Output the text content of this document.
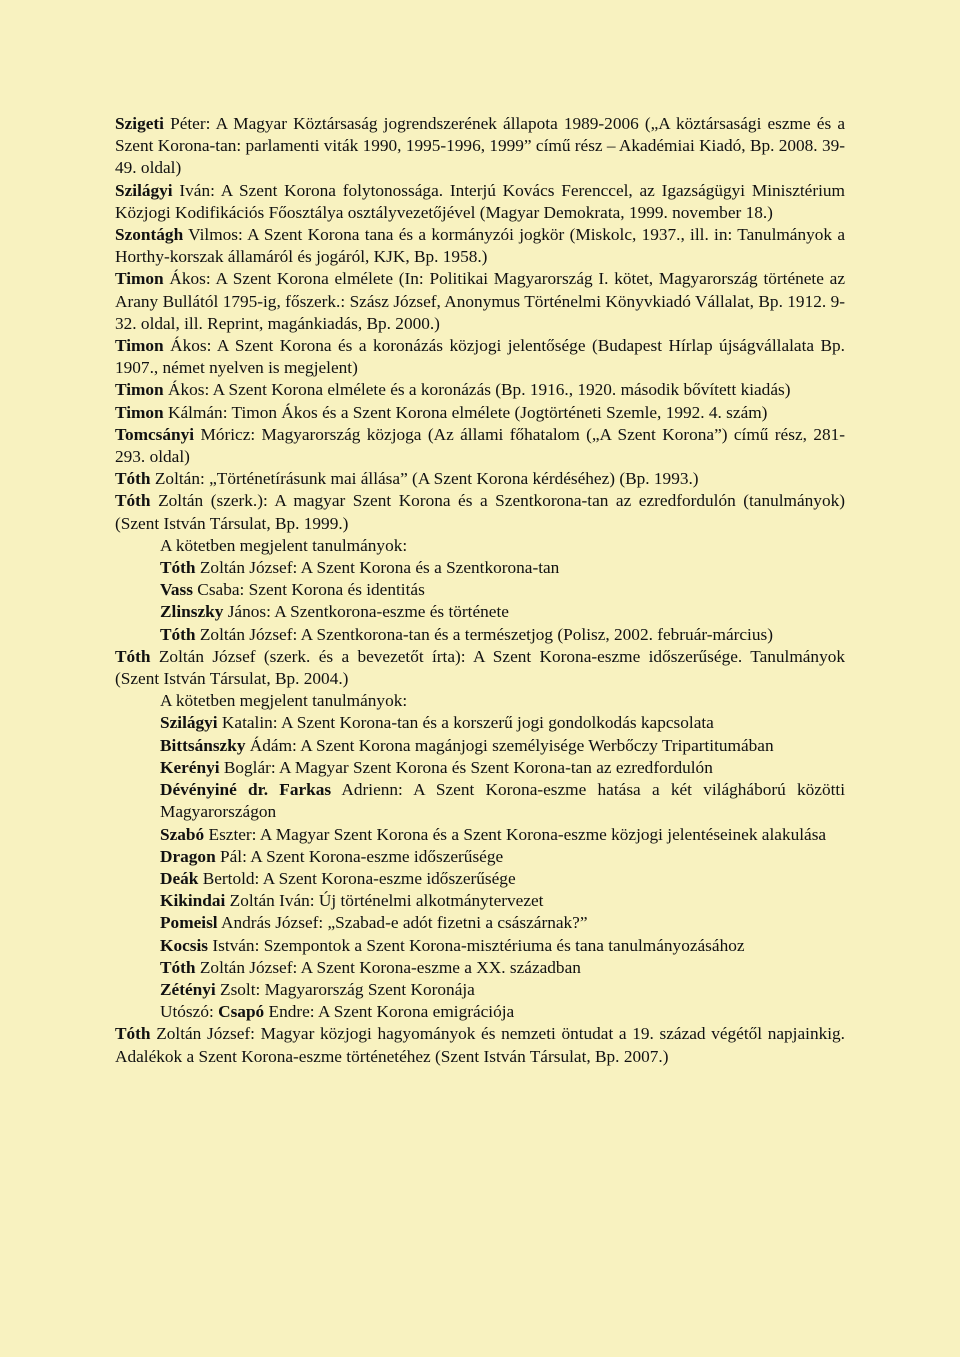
Szigeti Péter: A Magyar Köztársaság jogrendszerének állapota 1989-2006 („A köztársasági eszme és a Szent Korona-tan: parlamenti viták 1990, 1995-1996, 1999” című rész – Akadémiai Kiadó, Bp. 2008. 39-49. oldal)

Szilágyi Iván: A Szent Korona folytonossága. Interjú Kovács Ferenccel, az Igazságügyi Minisztérium Közjogi Kodifikációs Főosztálya osztályvezetőjével (Magyar Demokrata, 1999. november 18.)

Szontágh Vilmos: A Szent Korona tana és a kormányzói jogkör (Miskolc, 1937., ill. in: Tanulmányok a Horthy-korszak államáról és jogáról, KJK, Bp. 1958.)

Timon Ákos: A Szent Korona elmélete (In: Politikai Magyarország I. kötet, Magyarország története az Arany Bullától 1795-ig, főszerk.: Szász József, Anonymus Történelmi Könyvkiadó Vállalat, Bp. 1912. 9-32. oldal, ill. Reprint, magánkiadás, Bp. 2000.)

Timon Ákos: A Szent Korona és a koronázás közjogi jelentősége (Budapest Hírlap újságvállalata Bp. 1907., német nyelven is megjelent)

Timon Ákos: A Szent Korona elmélete és a koronázás (Bp. 1916., 1920. második bővített kiadás)

Timon Kálmán: Timon Ákos és a Szent Korona elmélete (Jogtörténeti Szemle, 1992. 4. szám)

Tomcsányi Móricz: Magyarország közjoga (Az állami főhatalom („A Szent Korona”) című rész, 281-293. oldal)

Tóth Zoltán: „Történetírásunk mai állása” (A Szent Korona kérdéséhez) (Bp. 1993.)

Tóth Zoltán (szerk.): A magyar Szent Korona és a Szentkorona-tan az ezredfordulón (tanulmányok) (Szent István Társulat, Bp. 1999.)

A kötetben megjelent tanulmányok:

Tóth Zoltán József: A Szent Korona és a Szentkorona-tan

Vass Csaba: Szent Korona és identitás

Zlinszky János: A Szentkorona-eszme és története

Tóth Zoltán József: A Szentkorona-tan és a természetjog (Polisz, 2002. február-március)

Tóth Zoltán József (szerk. és a bevezetőt írta): A Szent Korona-eszme időszerűsége. Tanulmányok (Szent István Társulat, Bp. 2004.)

A kötetben megjelent tanulmányok:

Szilágyi Katalin: A Szent Korona-tan és a korszerű jogi gondolkodás kapcsolata

Bittsánszky Ádám: A Szent Korona magánjogi személyisége Werbőczy Tripartitumában

Kerényi Boglár: A Magyar Szent Korona és Szent Korona-tan az ezredfordulón

Dévényiné dr. Farkas Adrienn: A Szent Korona-eszme hatása a két világháború közötti Magyarországon

Szabó Eszter: A Magyar Szent Korona és a Szent Korona-eszme közjogi jelentéseinek alakulása

Dragon Pál: A Szent Korona-eszme időszerűsége

Deák Bertold: A Szent Korona-eszme időszerűsége

Kikindai Zoltán Iván: Új történelmi alkotmánytervezet

Pomeisl András József: „Szabad-e adót fizetni a császárnak?”

Kocsis István: Szempontok a Szent Korona-misztériuma és tana tanulmányozásához

Tóth Zoltán József: A Szent Korona-eszme a XX. században

Zétényi Zsolt: Magyarország Szent Koronája

Utószó: Csapó Endre: A Szent Korona emigrációja

Tóth Zoltán József: Magyar közjogi hagyományok és nemzeti öntudat a 19. század végétől napjainkig. Adalékok a Szent Korona-eszme történetéhez (Szent István Társulat, Bp. 2007.)
